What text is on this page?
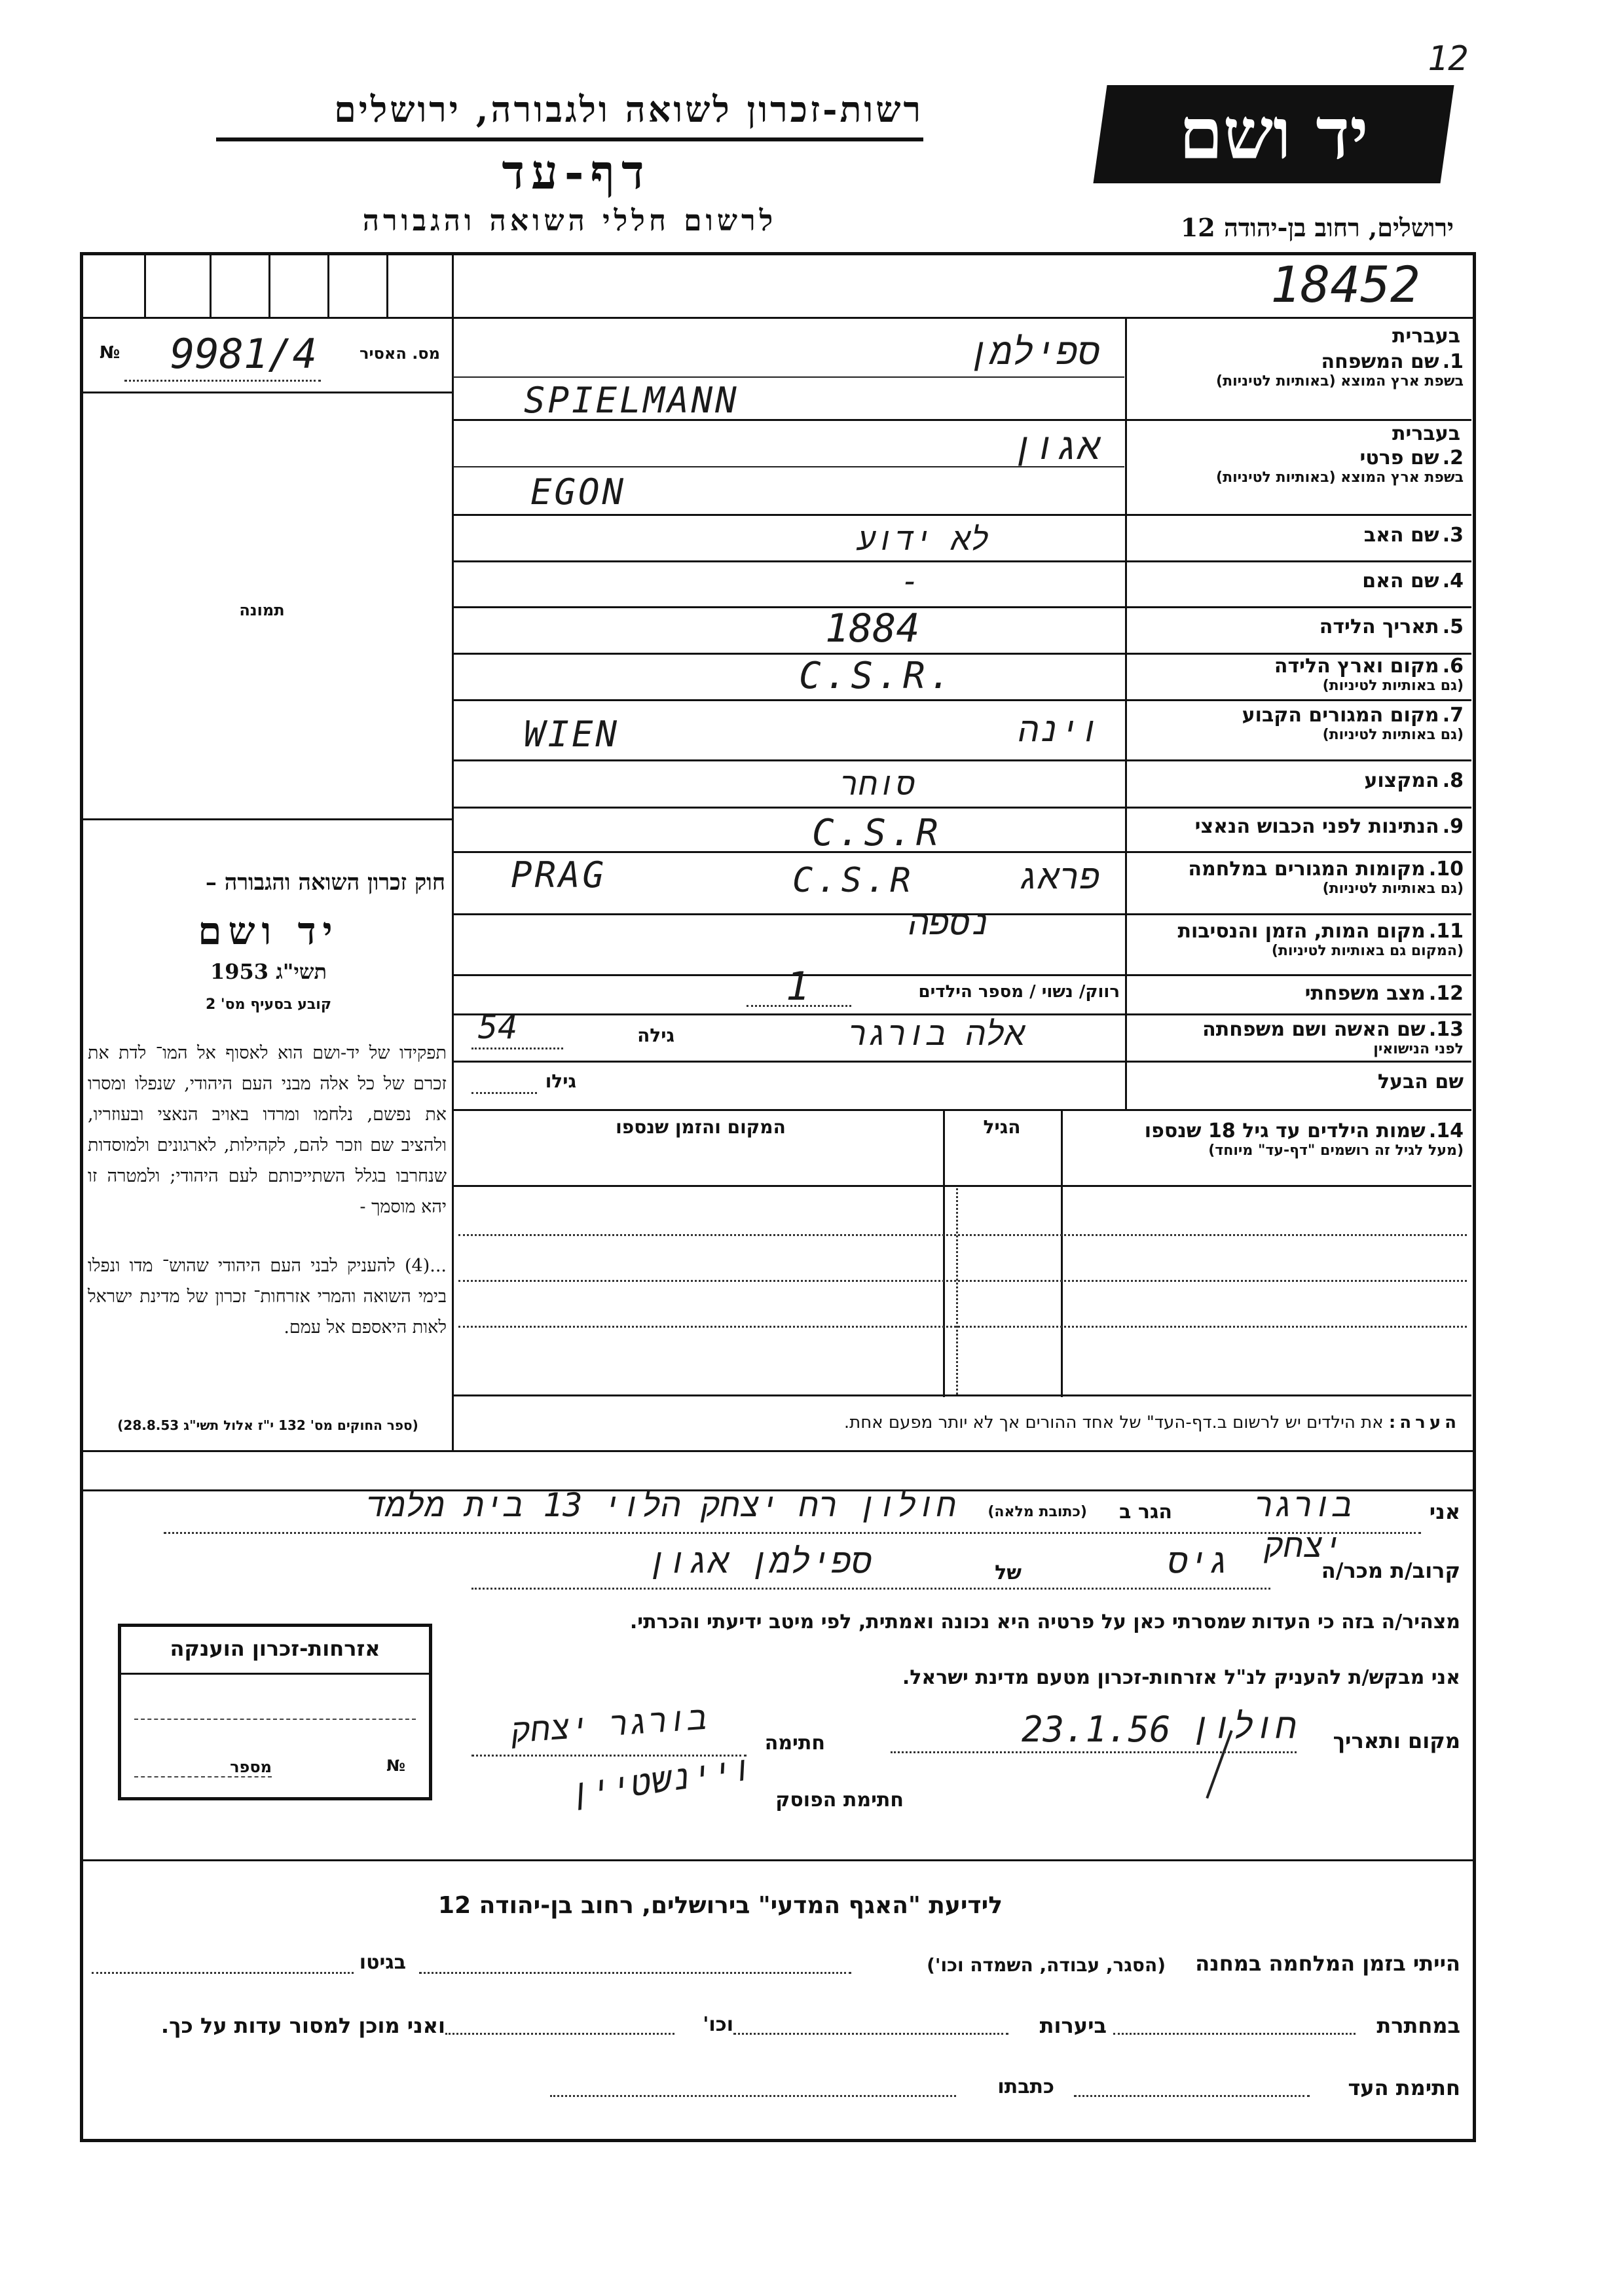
12
רשות-זכרון לשואה ולגבורה, ירושלים
דף-עד
לרשום חללי השואה והגבורה
יד ושם
ירושלים, רחוב בן-יהודה 12
18452
№ 9981/4	מס. האסיר
תמונה
חוק זכרון השואה והגבורה –
יד ושם
תשי"ג 1953
קובע בסעיף מס' 2
תפקידו של יד-ושם הוא לאסוף אל המו־ לדת את זכרם של כל אלה מבני העם היהודי, שנפלו ומסרו את נפשם, נלחמו ומרדו באויב הנאצי ובעוזריו, ולהציב שם וזכר להם, לקהילות, לארגונים ולמוסדות שנחרבו בגלל השתייכותם לעם היהודי; ולמטרה זו יהא מוסמך -
...(4) להעניק לבני העם היהודי שהוש־ מדו ונפלו בימי השואה והמרי אזרחות־ זכרון של מדינת ישראל לאות היאספם אל עמם.
(ספר החוקים מס' 132 י"ז אלול תשי"ג 28.8.53)
בעברית
1. שם המשפחה
בשפת ארץ המוצא (באותיות לטיניות)
ספילמן
SPIELMANN
בעברית
2. שם פרטי
בשפת ארץ המוצא (באותיות לטיניות)
אגון
EGON
3. שם האב
לא ידוע
4. שם האם
-
5. תאריך הלידה
1884
6. מקום וארץ הלידה
(גם באותיות לטיניות)
C.S.R.
7. מקום המגורים הקבוע
(גם באותיות לטיניות)
WIEN	וינה
8. המקצוע
סוחר
9. הנתינות לפני הכבוש הנאצי
C.S.R
10. מקומות המגורים במלחמה
(גם באותיות לטיניות)
PRAG	C.S.R	פראג
11. מקום המות, הזמן והנסיבות
(המקום גם באותיות לטיניות)
נספה
12. מצב משפחתי
רווק/ נשוי / מספר הילדים
1
13. שם האשה ושם משפחתה
לפני הנישואין
אלה בורגר
גילה
54
שם הבעל
גילו
14. שמות הילדים עד גיל 18 שנספו
(מעל לגיל זה רושמים "דף-עד" מיוחד)
הגיל
המקום והזמן שנספו
הערה: את הילדים יש לרשום ב.דף-העד" של אחד ההורים אך לא יותר מפעם אחת.
אני
בורגר יצחק
הגר ב
(כתובת מלאה)
חולון רח יצחק הלוי 13 בית מלמד
קרוב/ת מכר/ה
גיס
של
ספילמן אגון
מצהיר/ה בזה כי העדות שמסרתי כאן על פרטיה היא נכונה ואמתית, לפי מיטב ידיעתי והכרתי.
אני מבקש/ת להעניק לנ"ל אזרחות-זכרון מטעם מדינת ישראל.
מקום ותאריך
חולון
23.1.56
חתימה
בורגר יצחק
חתימת הפוסק
ויינשטיין
אזרחות-זכרון הוענקה
מספר	№
לידיעת "האגף המדעי" בירושלים, רחוב בן-יהודה 12
הייתי בזמן המלחמה במחנה
(הסגר, עבודה, השמדה וכו')
בגיטו
במחתרת
ביערות
וכו'
ואני מוכן למסור עדות על כך.
חתימת העד
כתבתו
